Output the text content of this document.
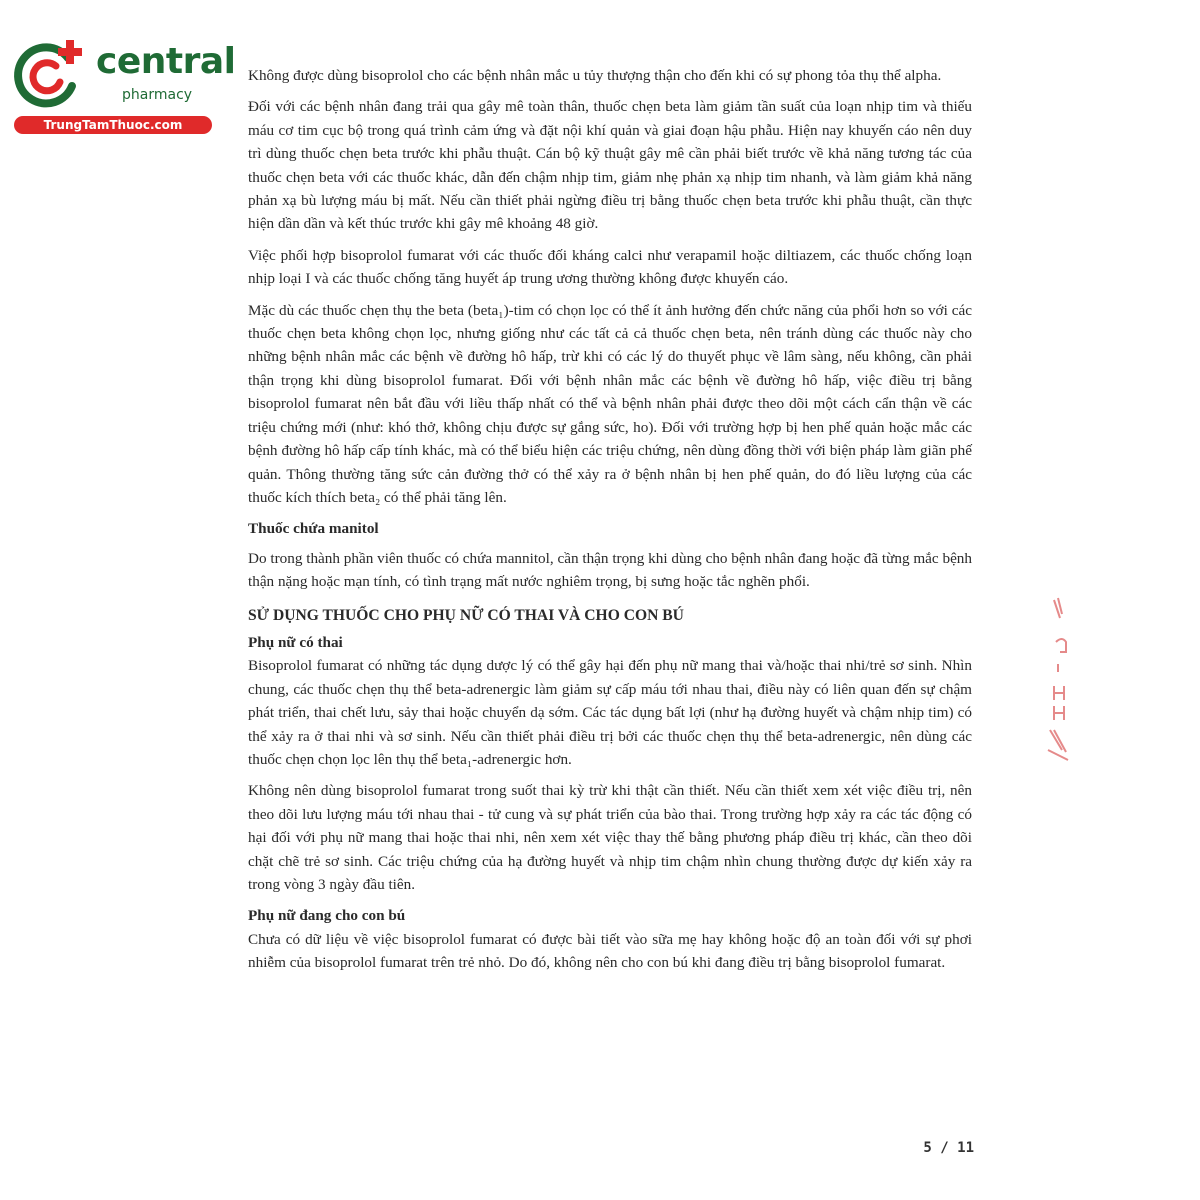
central
pharmacy
TrungTamThuoc.com

Không được dùng bisoprolol cho các bệnh nhân mắc u tủy thượng thận cho đến khi có sự phong tỏa thụ thể alpha.

Đối với các bệnh nhân đang trải qua gây mê toàn thân, thuốc chẹn beta làm giảm tần suất của loạn nhịp tim và thiếu máu cơ tim cục bộ trong quá trình cảm ứng và đặt nội khí quản và giai đoạn hậu phẫu. Hiện nay khuyến cáo nên duy trì dùng thuốc chẹn beta trước khi phẫu thuật. Cán bộ kỹ thuật gây mê cần phải biết trước về khả năng tương tác của thuốc chẹn beta với các thuốc khác, dẫn đến chậm nhịp tim, giảm nhẹ phản xạ nhịp tim nhanh, và làm giảm khả năng phản xạ bù lượng máu bị mất. Nếu cần thiết phải ngừng điều trị bằng thuốc chẹn beta trước khi phẫu thuật, cần thực hiện dần dần và kết thúc trước khi gây mê khoảng 48 giờ.

Việc phối hợp bisoprolol fumarat với các thuốc đối kháng calci như verapamil hoặc diltiazem, các thuốc chống loạn nhịp loại I và các thuốc chống tăng huyết áp trung ương thường không được khuyến cáo.

Mặc dù các thuốc chẹn thụ the beta (beta₁)-tim có chọn lọc có thể ít ảnh hưởng đến chức năng của phổi hơn so với các thuốc chẹn beta không chọn lọc, nhưng giống như các tất cả cả thuốc chẹn beta, nên tránh dùng các thuốc này cho những bệnh nhân mắc các bệnh về đường hô hấp, trừ khi có các lý do thuyết phục về lâm sàng, nếu không, cần phải thận trọng khi dùng bisoprolol fumarat. Đối với bệnh nhân mắc các bệnh về đường hô hấp, việc điều trị bằng bisoprolol fumarat nên bắt đầu với liều thấp nhất có thể và bệnh nhân phải được theo dõi một cách cẩn thận về các triệu chứng mới (như: khó thở, không chịu được sự gắng sức, ho). Đối với trường hợp bị hen phế quản hoặc mắc các bệnh đường hô hấp cấp tính khác, mà có thể biểu hiện các triệu chứng, nên dùng đồng thời với biện pháp làm giãn phế quản. Thông thường tăng sức cản đường thở có thể xảy ra ở bệnh nhân bị hen phế quản, do đó liều lượng của các thuốc kích thích beta₂ có thể phải tăng lên.

Thuốc chứa manitol

Do trong thành phần viên thuốc có chứa mannitol, cần thận trọng khi dùng cho bệnh nhân đang hoặc đã từng mắc bệnh thận nặng hoặc mạn tính, có tình trạng mất nước nghiêm trọng, bị sưng hoặc tắc nghẽn phổi.

SỬ DỤNG THUỐC CHO PHỤ NỮ CÓ THAI VÀ CHO CON BÚ
Phụ nữ có thai

Bisoprolol fumarat có những tác dụng dược lý có thể gây hại đến phụ nữ mang thai và/hoặc thai nhi/trẻ sơ sinh. Nhìn chung, các thuốc chẹn thụ thể beta-adrenergic làm giảm sự cấp máu tới nhau thai, điều này có liên quan đến sự chậm phát triển, thai chết lưu, sảy thai hoặc chuyển dạ sớm. Các tác dụng bất lợi (như hạ đường huyết và chậm nhịp tim) có thể xảy ra ở thai nhi và sơ sinh. Nếu cần thiết phải điều trị bởi các thuốc chẹn thụ thể beta-adrenergic, nên dùng các thuốc chẹn chọn lọc lên thụ thể beta₁-adrenergic hơn.

Không nên dùng bisoprolol fumarat trong suốt thai kỳ trừ khi thật cần thiết. Nếu cần thiết xem xét việc điều trị, nên theo dõi lưu lượng máu tới nhau thai - tử cung và sự phát triển của bào thai. Trong trường hợp xảy ra các tác động có hại đối với phụ nữ mang thai hoặc thai nhi, nên xem xét việc thay thế bằng phương pháp điều trị khác, cần theo dõi chặt chẽ trẻ sơ sinh. Các triệu chứng của hạ đường huyết và nhịp tim chậm nhìn chung thường được dự kiến xảy ra trong vòng 3 ngày đầu tiên.

Phụ nữ đang cho con bú

Chưa có dữ liệu về việc bisoprolol fumarat có được bài tiết vào sữa mẹ hay không hoặc độ an toàn đối với sự phơi nhiễm của bisoprolol fumarat trên trẻ nhỏ. Do đó, không nên cho con bú khi đang điều trị bằng bisoprolol fumarat.

5 / 11
